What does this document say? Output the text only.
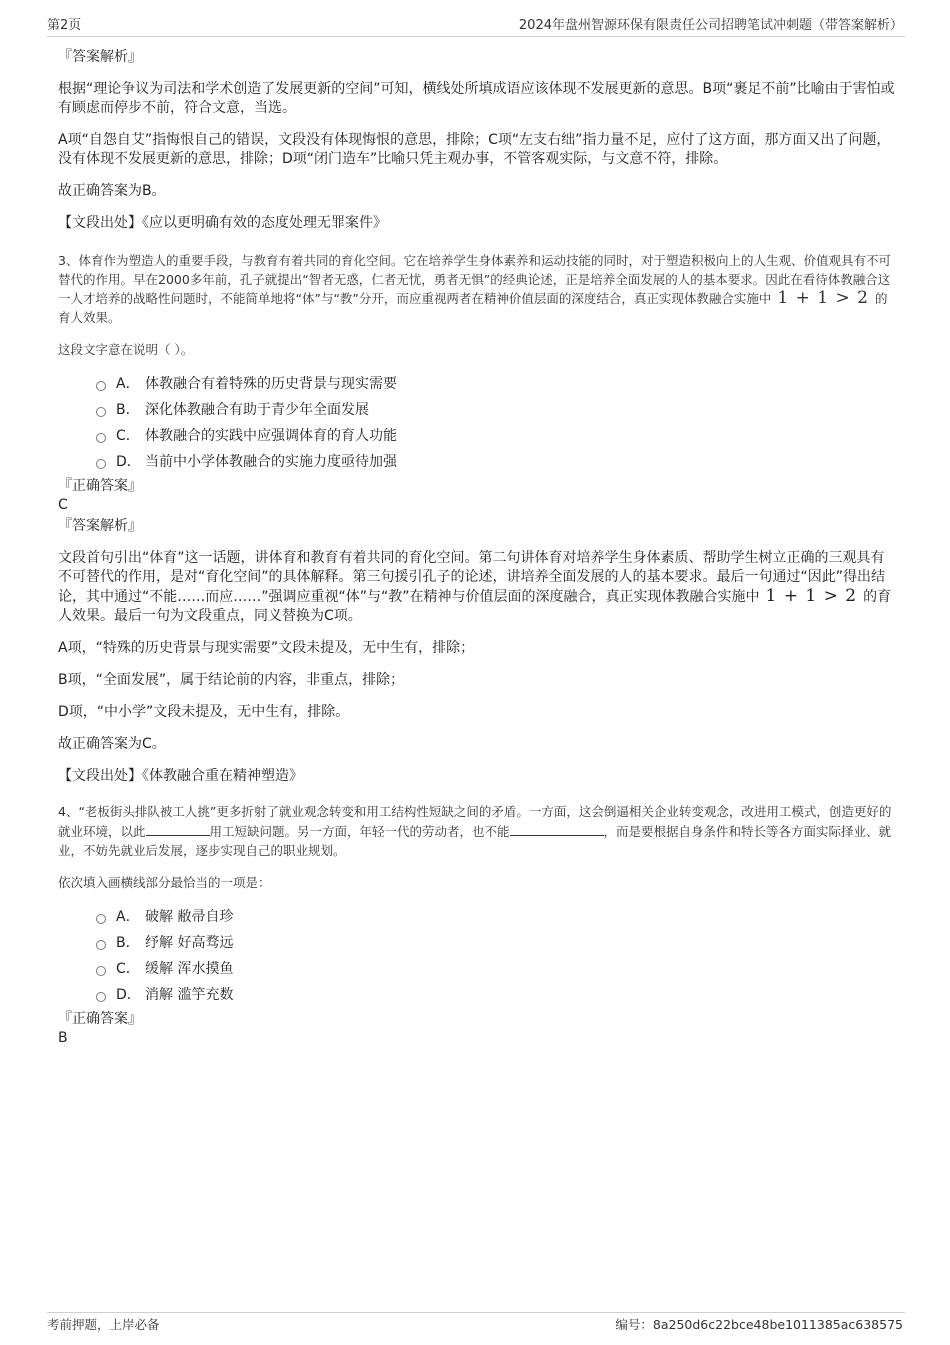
第2页	2024年盘州智源环保有限责任公司招聘笔试冲刺题（带答案解析）

『答案解析』

根据“理论争议为司法和学术创造了发展更新的空间”可知，横线处所填成语应该体现不发展更新的意思。B项“裹足不前”比喻由于害怕或有顾虑而停步不前，符合文意，当选。

A项“自怨自艾”指悔恨自己的错误，文段没有体现悔恨的意思，排除；C项“左支右绌”指力量不足，应付了这方面，那方面又出了问题，没有体现不发展更新的意思，排除；D项“闭门造车”比喻只凭主观办事，不管客观实际，与文意不符，排除。

故正确答案为B。

【文段出处】《应以更明确有效的态度处理无罪案件》

3、体育作为塑造人的重要手段，与教育有着共同的育化空间。它在培养学生身体素养和运动技能的同时，对于塑造积极向上的人生观、价值观具有不可替代的作用。早在2000多年前，孔子就提出“智者无惑，仁者无忧，勇者无惧”的经典论述，正是培养全面发展的人的基本要求。因此在看待体教融合这一人才培养的战略性问题时，不能简单地将“体”与“教”分开，而应重视两者在精神价值层面的深度结合，真正实现体教融合实施中 1 + 1 > 2 的育人效果。

这段文字意在说明（ ）。

A． 体教融合有着特殊的历史背景与现实需要
B． 深化体教融合有助于青少年全面发展
C． 体教融合的实践中应强调体育的育人功能
D． 当前中小学体教融合的实施力度亟待加强

『正确答案』

C

『答案解析』

文段首句引出“体育”这一话题，讲体育和教育有着共同的育化空间。第二句讲体育对培养学生身体素质、帮助学生树立正确的三观具有不可替代的作用，是对“育化空间”的具体解释。第三句援引孔子的论述，讲培养全面发展的人的基本要求。最后一句通过“因此”得出结论，其中通过“不能……而应……”强调应重视“体”与“教”在精神与价值层面的深度融合，真正实现体教融合实施中 1 + 1 > 2 的育人效果。最后一句为文段重点，同义替换为C项。

A项，“特殊的历史背景与现实需要”文段未提及，无中生有，排除；

B项，“全面发展”，属于结论前的内容，非重点，排除；

D项，“中小学”文段未提及，无中生有，排除。

故正确答案为C。

【文段出处】《体教融合重在精神塑造》

4、“老板街头排队被工人挑”更多折射了就业观念转变和用工结构性短缺之间的矛盾。一方面，这会倒逼相关企业转变观念，改进用工模式，创造更好的就业环境，以此	用工短缺问题。另一方面，年轻一代的劳动者，也不能	，而是要根据自身条件和特长等各方面实际择业、就业，不妨先就业后发展，逐步实现自己的职业规划。

依次填入画横线部分最恰当的一项是：

A． 破解 敝帚自珍
B． 纾解 好高骛远
C． 缓解 浑水摸鱼
D． 消解 滥竽充数

『正确答案』

B

考前押题，上岸必备	编号：8a250d6c22bce48be1011385ac638575
